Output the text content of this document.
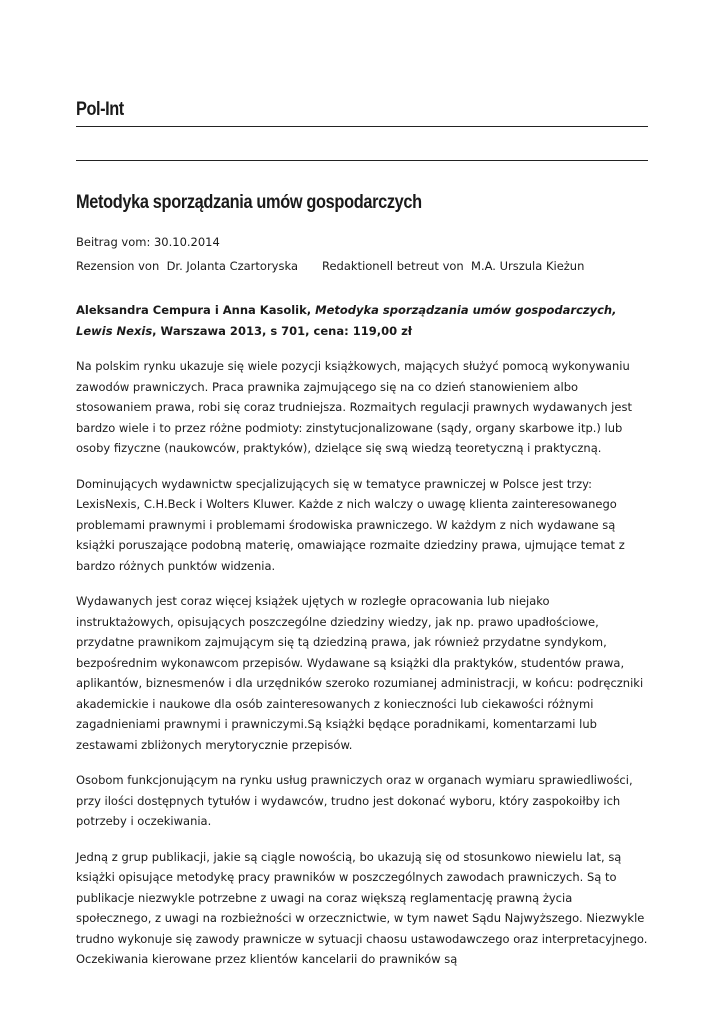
Pol-Int
Metodyka sporządzania umów gospodarczych
Beitrag vom: 30.10.2014
Rezension von Dr. Jolanta Czartoryska Redaktionell betreut von M.A. Urszula Kieżun

Aleksandra Cempura i Anna Kasolik, Metodyka sporządzania umów gospodarczych, Lewis Nexis, Warszawa 2013, s 701, cena: 119,00 zł

Na polskim rynku ukazuje się wiele pozycji książkowych, mających służyć pomocą wykonywaniu zawodów prawniczych. Praca prawnika zajmującego się na co dzień stanowieniem albo stosowaniem prawa, robi się coraz trudniejsza. Rozmaitych regulacji prawnych wydawanych jest bardzo wiele i to przez różne podmioty: zinstytucjonalizowane (sądy, organy skarbowe itp.) lub osoby fizyczne (naukowców, praktyków), dzielące się swą wiedzą teoretyczną i praktyczną.

Dominujących wydawnictw specjalizujących się w tematyce prawniczej w Polsce jest trzy: LexisNexis, C.H.Beck i Wolters Kluwer. Każde z nich walczy o uwagę klienta zainteresowanego problemami prawnymi i problemami środowiska prawniczego. W każdym z nich wydawane są książki poruszające podobną materię, omawiające rozmaite dziedziny prawa, ujmujące temat z bardzo różnych punktów widzenia.

Wydawanych jest coraz więcej książek ujętych w rozległe opracowania lub niejako instruktażowych, opisujących poszczególne dziedziny wiedzy, jak np. prawo upadłościowe, przydatne prawnikom zajmującym się tą dziedziną prawa, jak również przydatne syndykom, bezpośrednim wykonawcom przepisów. Wydawane są książki dla praktyków, studentów prawa, aplikantów, biznesmenów i dla urzędników szeroko rozumianej administracji, w końcu: podręczniki akademickie i naukowe dla osób zainteresowanych z konieczności lub ciekawości różnymi zagadnieniami prawnymi i prawniczymi.Są książki będące poradnikami, komentarzami lub zestawami zbliżonych merytorycznie przepisów.

Osobom funkcjonującym na rynku usług prawniczych oraz w organach wymiaru sprawiedliwości, przy ilości dostępnych tytułów i wydawców, trudno jest dokonać wyboru, który zaspokoiłby ich potrzeby i oczekiwania.

Jedną z grup publikacji, jakie są ciągle nowością, bo ukazują się od stosunkowo niewielu lat, są książki opisujące metodykę pracy prawników w poszczególnych zawodach prawniczych. Są to publikacje niezwykle potrzebne z uwagi na coraz większą reglamentację prawną życia społecznego, z uwagi na rozbieżności w orzecznictwie, w tym nawet Sądu Najwyższego. Niezwykle trudno wykonuje się zawody prawnicze w sytuacji chaosu ustawodawczego oraz interpretacyjnego. Oczekiwania kierowane przez klientów kancelarii do prawników są
